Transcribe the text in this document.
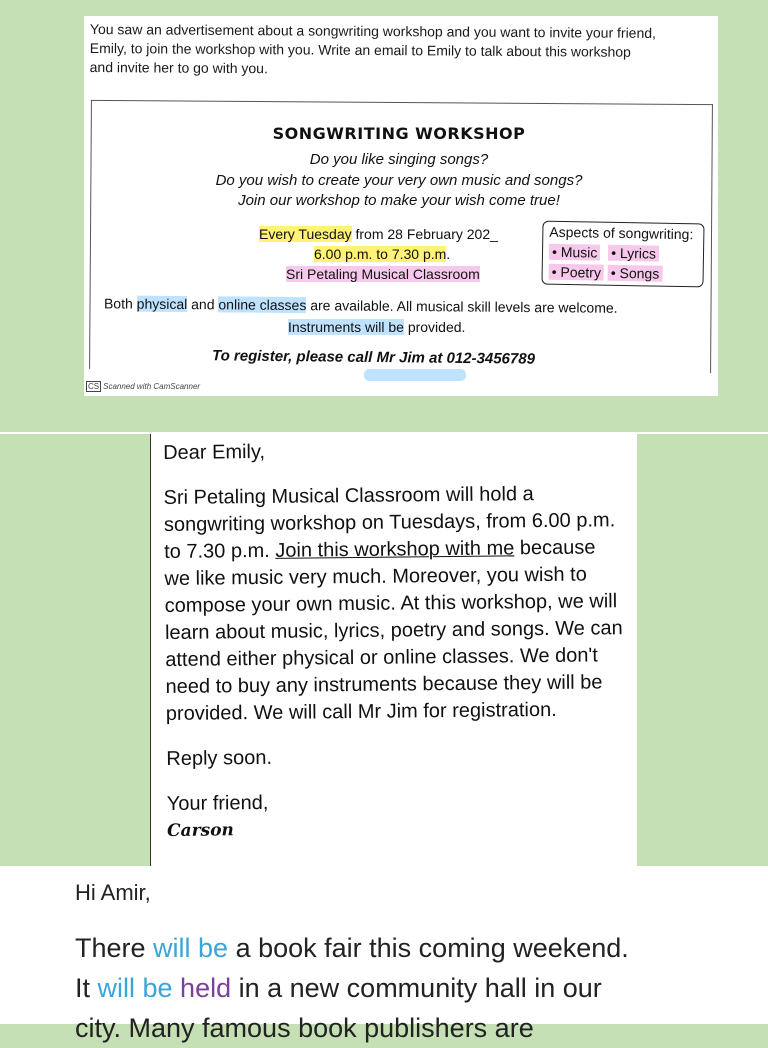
You saw an advertisement about a songwriting workshop and you want to invite your friend,
Emily, to join the workshop with you. Write an email to Emily to talk about this workshop
and invite her to go with you.
SONGWRITING WORKSHOP
Do you like singing songs?
Do you wish to create your very own music and songs?
Join our workshop to make your wish come true!
Every Tuesday from 28 February 202_
6.00 p.m. to 7.30 p.m.
Sri Petaling Musical Classroom
Aspects of songwriting:
• Music • Lyrics
• Poetry • Songs
Both physical and online classes are available. All musical skill levels are welcome.
Instruments will be provided.
To register, please call Mr Jim at 012-3456789
CS Scanned with CamScanner

Dear Emily,

Sri Petaling Musical Classroom will hold a songwriting workshop on Tuesdays, from 6.00 p.m. to 7.30 p.m. Join this workshop with me because we like music very much. Moreover, you wish to compose your own music. At this workshop, we will learn about music, lyrics, poetry and songs. We can attend either physical or online classes. We don't need to buy any instruments because they will be provided. We will call Mr Jim for registration.

Reply soon.

Your friend,

Carson

Hi Amir,
There will be a book fair this coming weekend.
It will be held in a new community hall in our
city. Many famous book publishers are
